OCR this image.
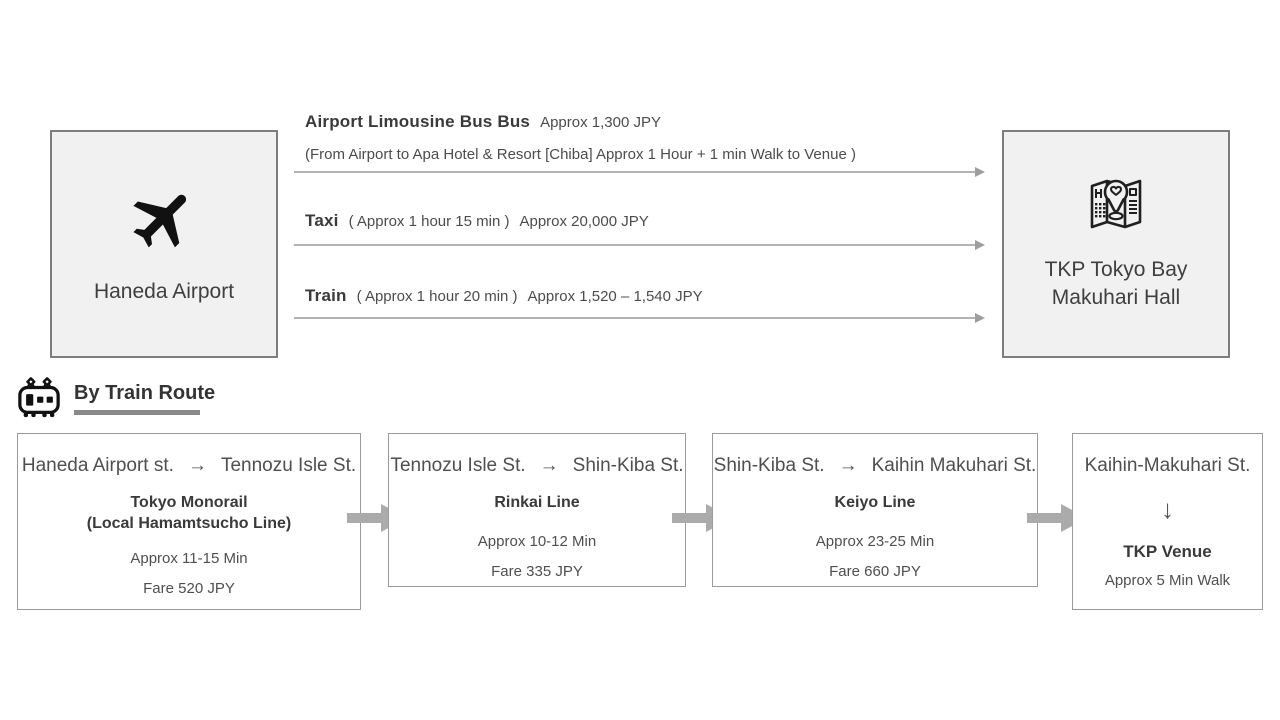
Haneda Airport
TKP Tokyo Bay
Makuhari Hall
Airport Limousine Bus Bus Approx 1,300 JPY
(From Airport to Apa Hotel & Resort [Chiba] Approx 1 Hour + 1 min Walk to Venue )
Taxi ( Approx 1 hour 15 min ) Approx 20,000 JPY
Train ( Approx 1 hour 20 min ) Approx 1,520 – 1,540 JPY
By Train Route
Haneda Airport st. → Tennozu Isle St.
Tokyo Monorail
(Local Hamamtsucho Line)
Approx 11-15 Min
Fare 520 JPY
Tennozu Isle St. → Shin-Kiba St.
Rinkai Line
Approx 10-12 Min
Fare 335 JPY
Shin-Kiba St. → Kaihin Makuhari St.
Keiyo Line
Approx 23-25 Min
Fare 660 JPY
Kaihin-Makuhari St.
↓
TKP Venue
Approx 5 Min Walk
